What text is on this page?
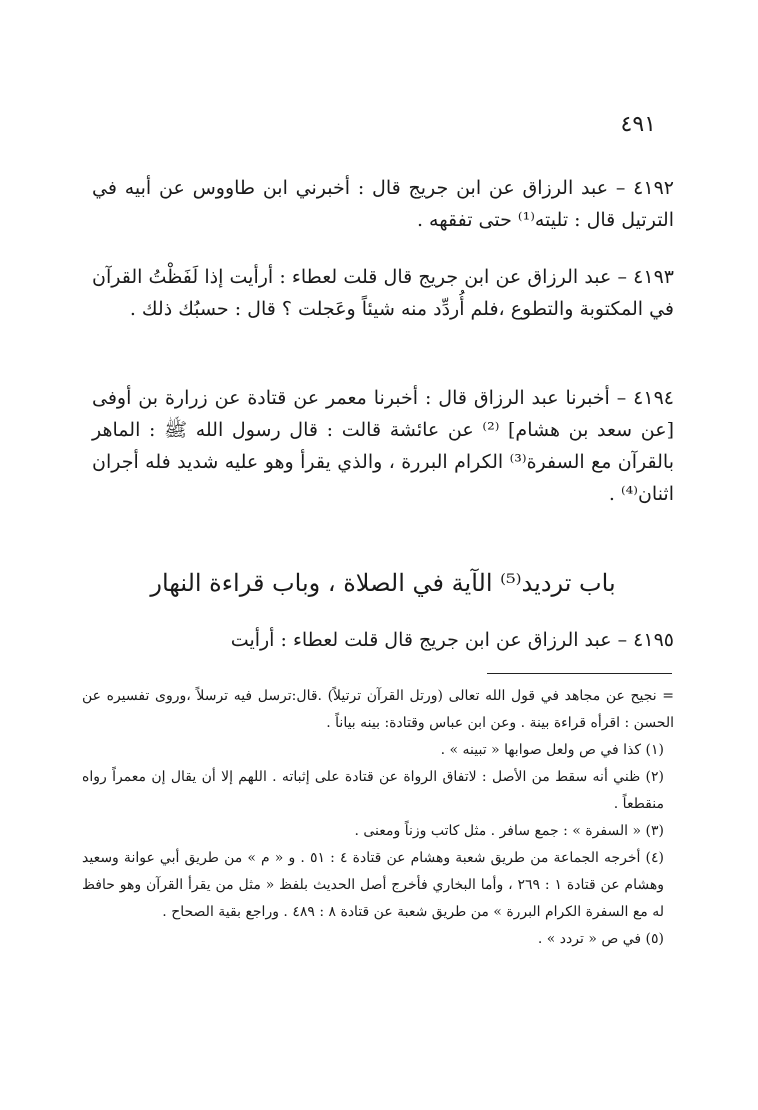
٤٩١
٤١٩٢ – عبد الرزاق عن ابن جريج قال : أخبرني ابن طاووس عن أبيه في الترتيل قال : تليته⁽¹⁾ حتى تفقهه .
٤١٩٣ – عبد الرزاق عن ابن جريج قال قلت لعطاء : أرأيت إذا لَفَظْتُ القرآن في المكتوبة والتطوع ،فلم أُردِّد منه شيئاً وعَجلت ؟ قال : حسبُك ذلك .
٤١٩٤ – أخبرنا عبد الرزاق قال : أخبرنا معمر عن قتادة عن زرارة بن أوفى [عن سعد بن هشام] ⁽²⁾ عن عائشة قالت : قال رسول الله ﷺ : الماهر بالقرآن مع السفرة⁽³⁾ الكرام البررة ، والذي يقرأ وهو عليه شديد فله أجران اثنان⁽⁴⁾ .
باب ترديد⁽⁵⁾ الآية في الصلاة ، وباب قراءة النهار
٤١٩٥ – عبد الرزاق عن ابن جريج قال قلت لعطاء : أرأيت

= نجيح عن مجاهد في قول الله تعالى (ورتل القرآن ترتيلاً) .قال:ترسل فيه ترسلاً ،وروى تفسيره عن الحسن : اقرأه قراءة بينة . وعن ابن عباس وقتادة: بينه بياناً .

(١) كذا في ص ولعل صوابها « تبينه » .

(٢) ظني أنه سقط من الأصل : لاتفاق الرواة عن قتادة على إثباته . اللهم إلا أن يقال إن معمراً رواه منقطعاً .

(٣) « السفرة » : جمع سافر . مثل كاتب وزناً ومعنى .

(٤) أخرجه الجماعة من طريق شعبة وهشام عن قتادة ٤ : ٥١ . و « م » من طريق أبي عوانة وسعيد وهشام عن قتادة ١ : ٢٦٩ ، وأما البخاري فأخرج أصل الحديث بلفظ « مثل من يقرأ القرآن وهو حافظ له مع السفرة الكرام البررة » من طريق شعبة عن قتادة ٨ : ٤٨٩ . وراجع بقية الصحاح .

(٥) في ص « تردد » .
